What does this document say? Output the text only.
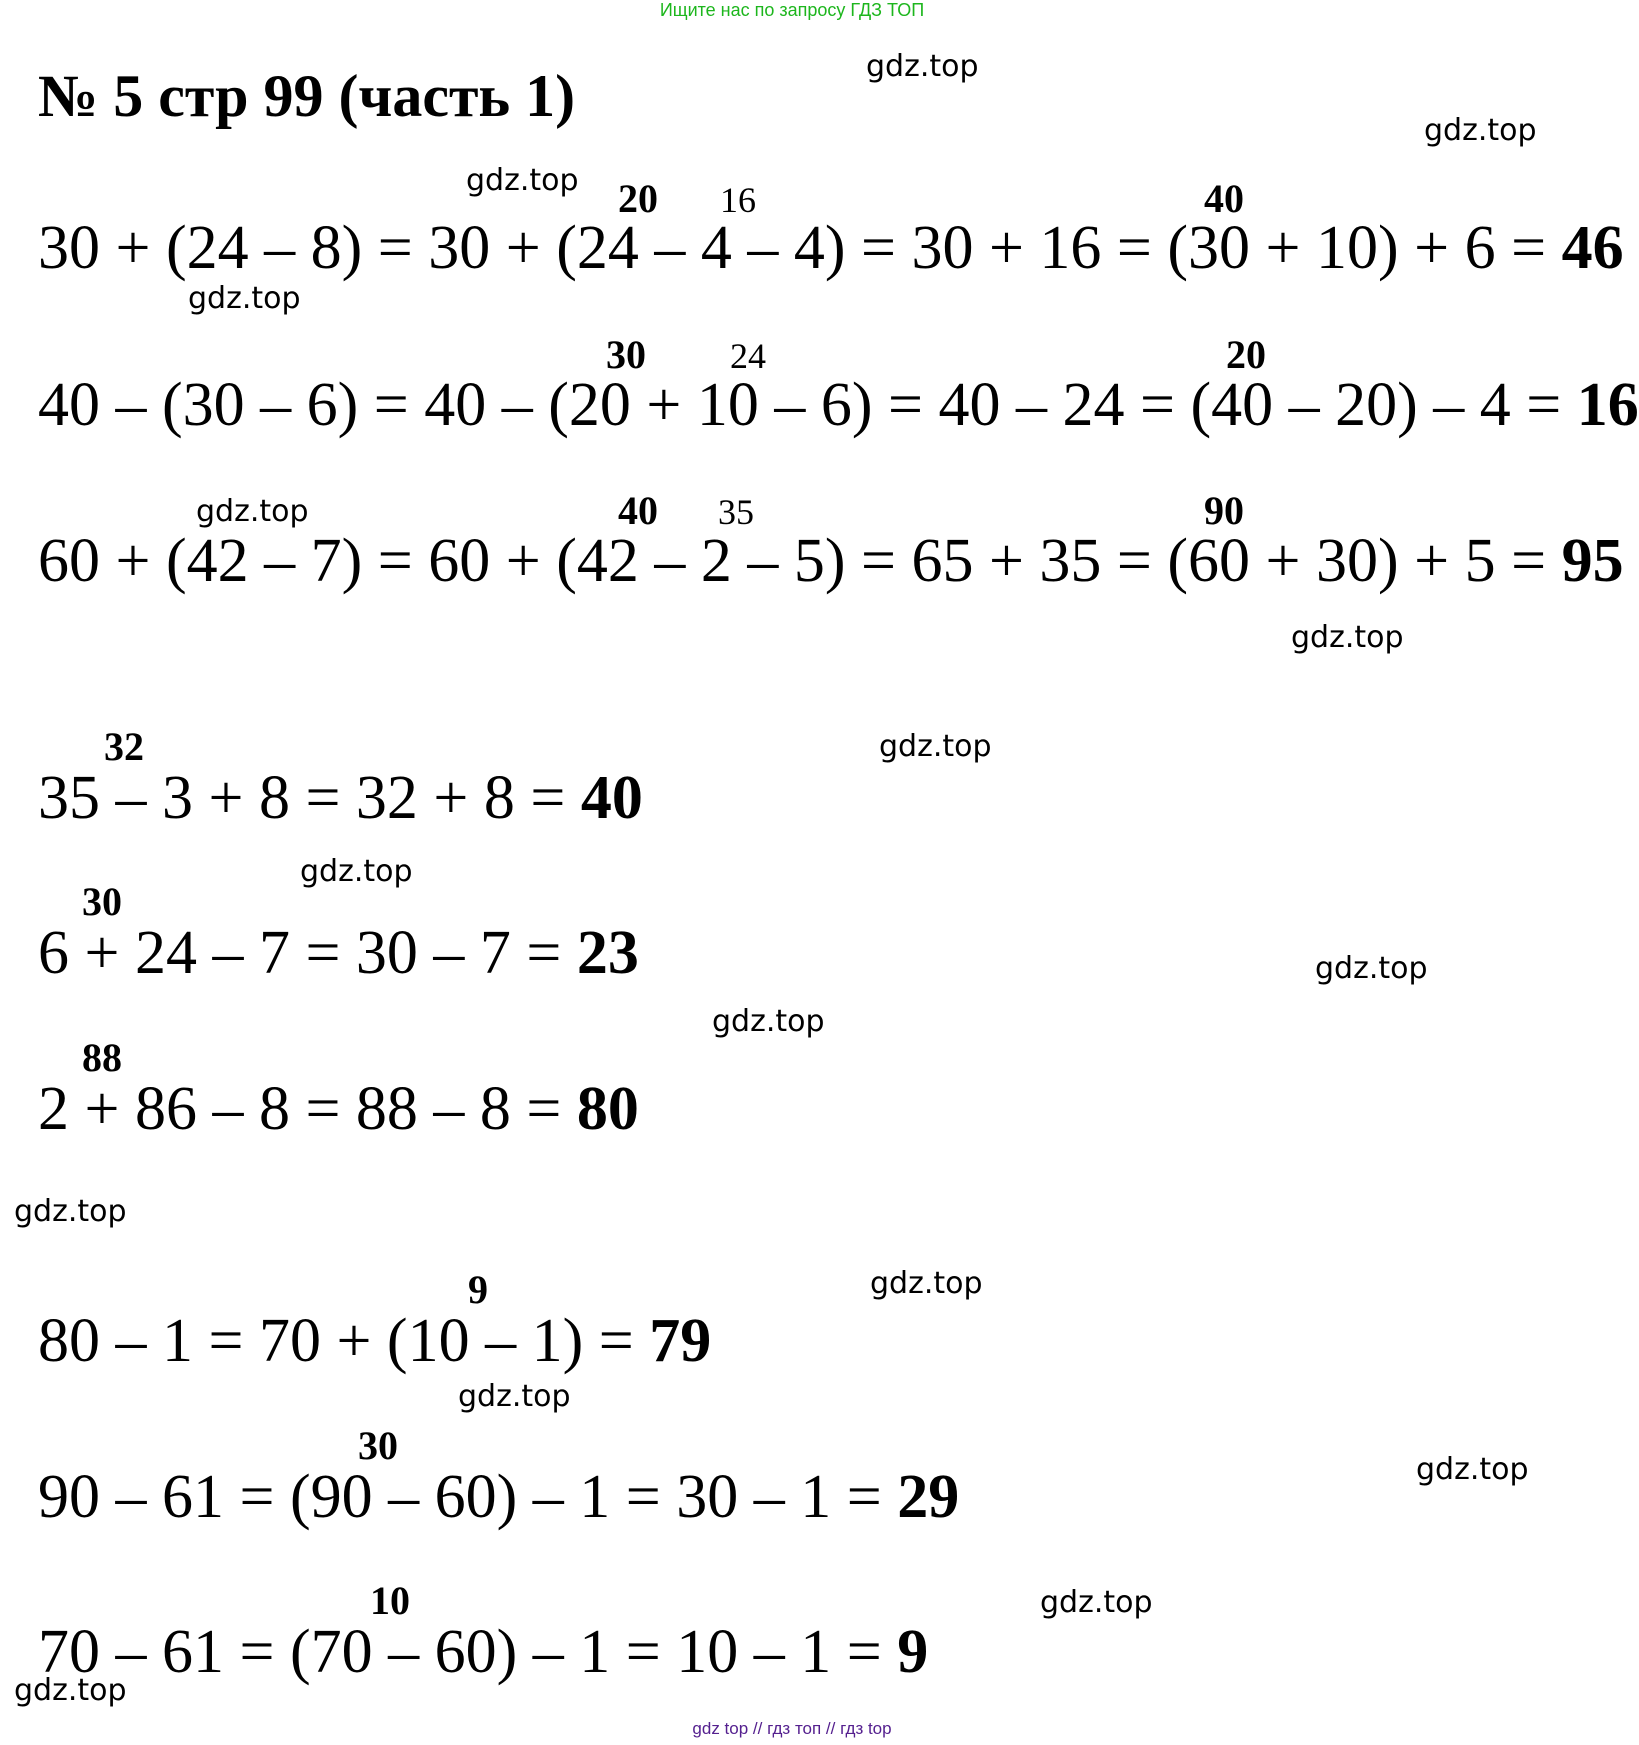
Ищите нас по запросу ГДЗ ТОП
№ 5 стр 99 (часть 1)
30 + (24 – 8) = 30 + (24 – 4 – 4) = 30 + 16 = (30 + 10) + 6 = 46
20 16	40
40 – (30 – 6) = 40 – (20 + 10 – 6) = 40 – 24 = (40 – 20) – 4 = 16
30 24	20
60 + (42 – 7) = 60 + (42 – 2 – 5) = 65 + 35 = (60 + 30) + 5 = 95
40 35	90
35 – 3 + 8 = 32 + 8 = 40
32
6 + 24 – 7 = 30 – 7 = 23
30
2 + 86 – 8 = 88 – 8 = 80
88
80 – 1 = 70 + (10 – 1) = 79
9
90 – 61 = (90 – 60) – 1 = 30 – 1 = 29
30
70 – 61 = (70 – 60) – 1 = 10 – 1 = 9
10
gdz.top
gdz.top
gdz.top
gdz.top
gdz.top
gdz.top
gdz.top
gdz.top
gdz.top
gdz.top
gdz.top
gdz.top
gdz.top
gdz.top
gdz.top
gdz.top
gdz top // гдз топ // гдз top
